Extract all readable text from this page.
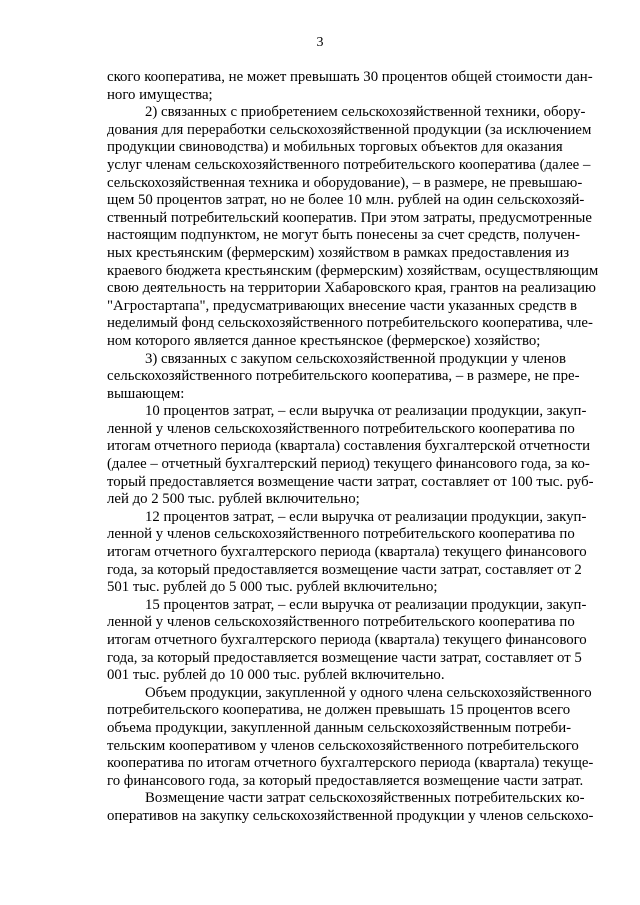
3
ского кооператива, не может превышать 30 процентов общей стоимости дан-
ного имущества;
2) связанных с приобретением сельскохозяйственной техники, обору-
дования для переработки сельскохозяйственной продукции (за исключением
продукции свиноводства) и мобильных торговых объектов для оказания
услуг членам сельскохозяйственного потребительского кооператива (далее –
сельскохозяйственная техника и оборудование), – в размере, не превышаю-
щем 50 процентов затрат, но не более 10 млн. рублей на один сельскохозяй-
ственный потребительский кооператив. При этом затраты, предусмотренные
настоящим подпунктом, не могут быть понесены за счет средств, получен-
ных крестьянским (фермерским) хозяйством в рамках предоставления из
краевого бюджета крестьянским (фермерским) хозяйствам, осуществляющим
свою деятельность на территории Хабаровского края, грантов на реализацию
"Агростартапа", предусматривающих внесение части указанных средств в
неделимый фонд сельскохозяйственного потребительского кооператива, чле-
ном которого является данное крестьянское (фермерское) хозяйство;
3) связанных с закупом сельскохозяйственной продукции у членов
сельскохозяйственного потребительского кооператива, – в размере, не пре-
вышающем:
10 процентов затрат, – если выручка от реализации продукции, закуп-
ленной у членов сельскохозяйственного потребительского кооператива по
итогам отчетного периода (квартала) составления бухгалтерской отчетности
(далее – отчетный бухгалтерский период) текущего финансового года, за ко-
торый предоставляется возмещение части затрат, составляет от 100 тыс. руб-
лей до 2 500 тыс. рублей включительно;
12 процентов затрат, – если выручка от реализации продукции, закуп-
ленной у членов сельскохозяйственного потребительского кооператива по
итогам отчетного бухгалтерского периода (квартала) текущего финансового
года, за который предоставляется возмещение части затрат, составляет от 2
501 тыс. рублей до 5 000 тыс. рублей включительно;
15 процентов затрат, – если выручка от реализации продукции, закуп-
ленной у членов сельскохозяйственного потребительского кооператива по
итогам отчетного бухгалтерского периода (квартала) текущего финансового
года, за который предоставляется возмещение части затрат, составляет от 5
001 тыс. рублей до 10 000 тыс. рублей включительно.
Объем продукции, закупленной у одного члена сельскохозяйственного
потребительского кооператива, не должен превышать 15 процентов всего
объема продукции, закупленной данным сельскохозяйственным потреби-
тельским кооперативом у членов сельскохозяйственного потребительского
кооператива по итогам отчетного бухгалтерского периода (квартала) текуще-
го финансового года, за который предоставляется возмещение части затрат.
Возмещение части затрат сельскохозяйственных потребительских ко-
оперативов на закупку сельскохозяйственной продукции у членов сельскохо-
